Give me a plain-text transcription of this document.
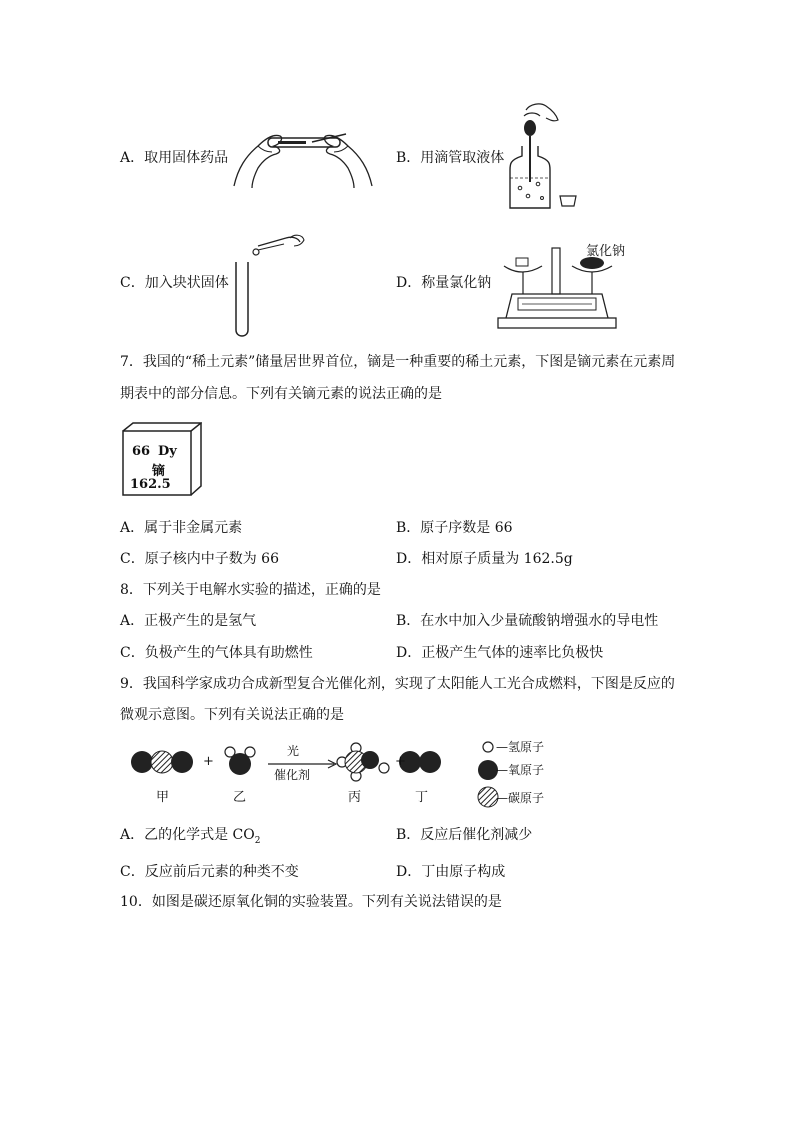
A．取用固体药品	B．用滴管取液体
C．加入块状固体	D．称量氯化钠
氯化钠
7．我国的“稀土元素”储量居世界首位，镝是一种重要的稀土元素，下图是镝元素在元素周
期表中的部分信息。下列有关镝元素的说法正确的是
66 Dy
镝
162.5
A．属于非金属元素	B．原子序数是 66
C．原子核内中子数为 66	D．相对原子质量为 162.5g
8．下列关于电解水实验的描述，正确的是
A．正极产生的是氢气	B．在水中加入少量硫酸钠增强水的导电性
C．负极产生的气体具有助燃性	D．正极产生气体的速率比负极快
9．我国科学家成功合成新型复合光催化剂，实现了太阳能人工光合成燃料，下图是反应的
微观示意图。下列有关说法正确的是
+	+
光
催化剂
甲	乙	丙	丁
—氢原子
—氧原子
—碳原子
A．乙的化学式是 $CO_2$	B．反应后催化剂减少
C．反应前后元素的种类不变	D．丁由原子构成
10．如图是碳还原氧化铜的实验装置。下列有关说法错误的是
